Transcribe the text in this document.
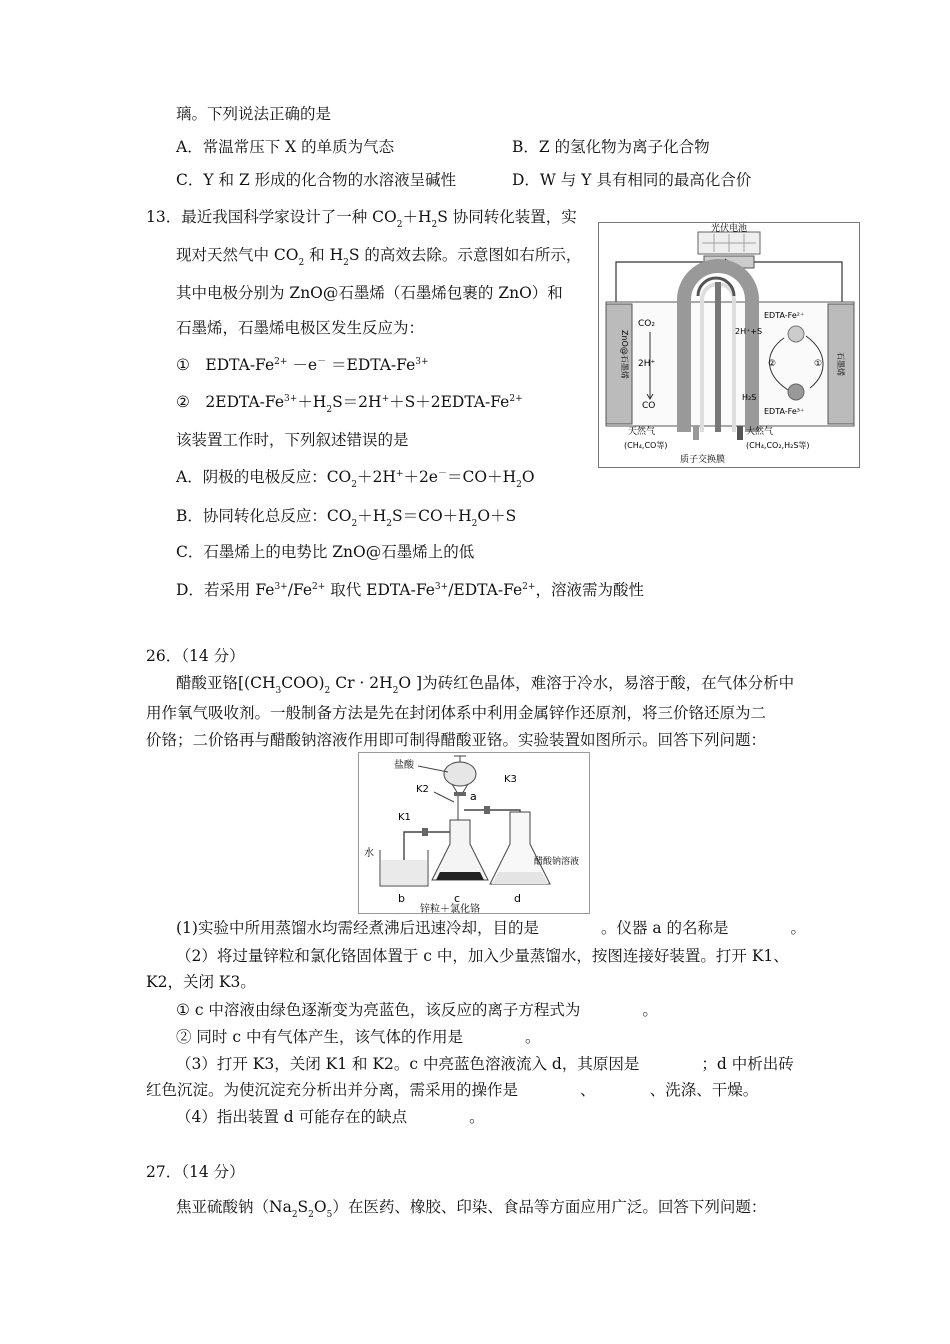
璃。下列说法正确的是
A．常温常压下 X 的单质为气态	B．Z 的氢化物为离子化合物
C．Y 和 Z 形成的化合物的水溶液呈碱性	D．W 与 Y 具有相同的最高化合价
13．最近我国科学家设计了一种 $CO_2+H_2S$ 协同转化装置，实
现对天然气中 $CO_2$ 和 $H_2S$ 的高效去除。示意图如右所示，
其中电极分别为 ZnO@石墨烯（石墨烯包裹的 ZnO）和
石墨烯，石墨烯电极区发生反应为：
①　EDTA-$Fe^{2+} -e^-$ $=EDTA-Fe^{3+}$
②　$2EDTA-Fe^{3+}+H_2S=2H^++S+2EDTA-Fe^{2+}$
该装置工作时，下列叙述错误的是
A．阴极的电极反应：$CO_2+2H^++2e^-=CO+H_2O$
B．协同转化总反应：$CO_2+H_2S=CO+H_2O+S$
C．石墨烯上的电势比 ZnO@石墨烯上的低
D．若采用 $Fe^{3+}/Fe^{2+}$ 取代 EDTA-$Fe^{3+}/EDTA-Fe^{2+}$，溶液需为酸性
光伏电池
ZnO@石墨烯	石墨烯
CO₂
2H⁺
CO
EDTA-Fe²⁺
2H⁺+S
②	①
H₂S
EDTA-Fe³⁺
天然气
(CH₄,CO等)
大然气
(CH₄,CO₂,H₂S等)
质子交换膜
26．（14 分）
醋酸亚铬[$(CH_3COO)_2$ $Cr \cdot 2H_2O$ ]为砖红色晶体，难溶于冷水，易溶于酸，在气体分析中
用作氧气吸收剂。一般制备方法是先在封闭体系中利用金属锌作还原剂，将三价铬还原为二
价铬；二价铬再与醋酸钠溶液作用即可制得醋酸亚铬。实验装置如图所示。回答下列问题：
盐酸
a
K3
K2
c
锌粒＋氯化铬
K1
水
b	d
醋酸钠溶液
(1)实验中所用蒸馏水均需经煮沸后迅速冷却，目的是　　　　。仪器 a 的名称是　　　　。
（2）将过量锌粒和氯化铬固体置于 c 中，加入少量蒸馏水，按图连接好装置。打开 K1、
K2，关闭 K3。
① c 中溶液由绿色逐渐变为亮蓝色，该反应的离子方程式为　　　　。
② 同时 c 中有气体产生，该气体的作用是　　　　。
（3）打开 K3，关闭 K1 和 K2。c 中亮蓝色溶液流入 d，其原因是　　　　；d 中析出砖
红色沉淀。为使沉淀充分析出并分离，需采用的操作是　　　　、　　　　、洗涤、干燥。
（4）指出装置 d 可能存在的缺点　　　　。
27．（14 分）
焦亚硫酸钠$(Na_2S_2O_5)$在医药、橡胶、印染、食品等方面应用广泛。回答下列问题：
